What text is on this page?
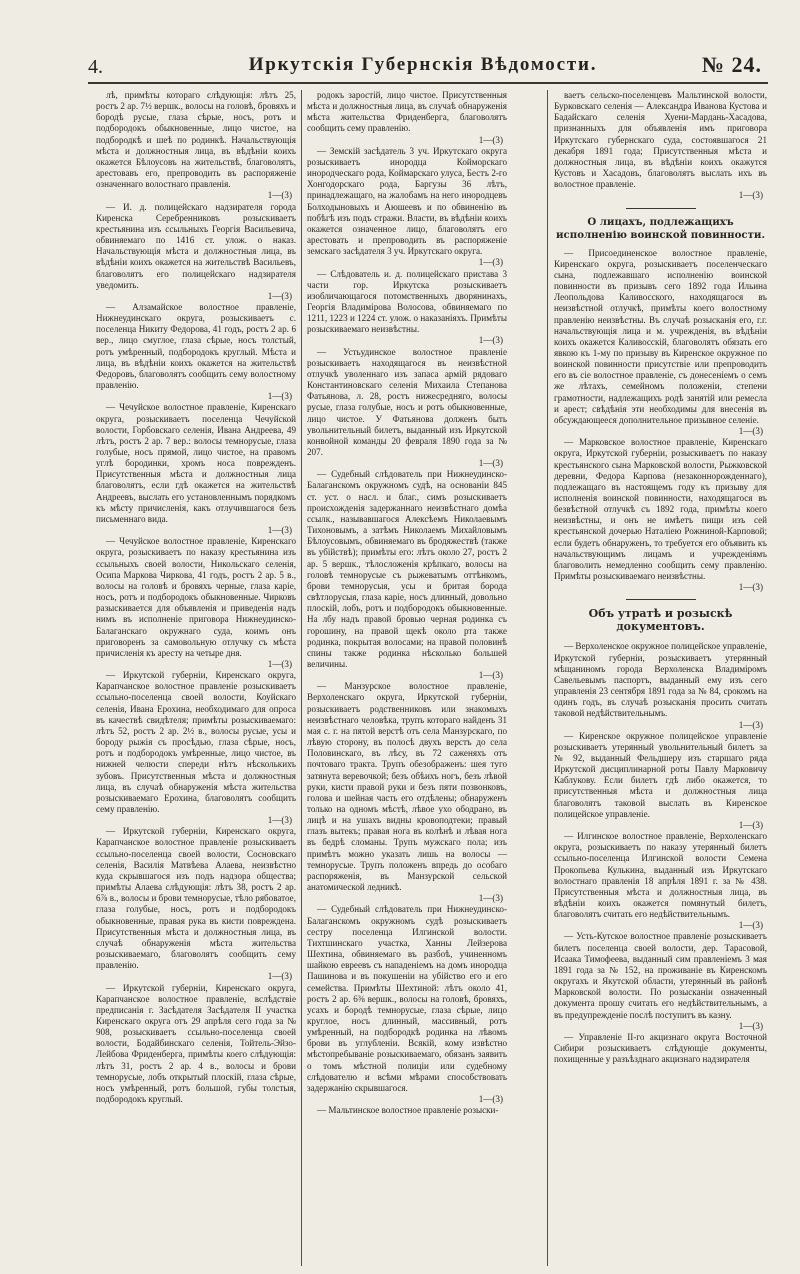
4.	Иркутскія Губернскія Вѣдомости.	№ 24.

лѣ, примѣты котораго слѣдующія: лѣтъ 25, ростъ 2 ар. 7½ вершк., волосы на головѣ, бровяхъ и бородѣ русые, глаза сѣрые, носъ, ротъ и подбородокъ обыкновенные, лицо чистое, на подбородкѣ и шеѣ по родинкѣ. Начальствующія мѣста и должностныя лица, въ вѣдѣніи коихъ окажется Бѣлоусовъ на жительствѣ, благоволятъ, арестовавъ его, препроводить въ распоряженіе означеннаго волостнаго правленія.

1—(3)

— И. д. полицейскаго надзирателя города Киренска Серебренниковъ розыскиваетъ крестьянина изъ ссыльныхъ Георгія Васильевича, обвиняемаго по 1416 ст. улож. о наказ. Начальствующія мѣста и должностныя лица, въ вѣдѣніи коихъ окажется на жительствѣ Васильевъ, благоволятъ его полицейскаго надзирателя уведомить.

1—(3)

— Алзамайское волостное правленіе, Нижнеудинскаго округа, розыскиваетъ с. поселенца Никиту Федорова, 41 годъ, ростъ 2 ар. 6 вер., лицо смуглое, глаза сѣрые, носъ толстый, ротъ умѣренный, подбородокъ круглый. Мѣста и лица, въ вѣдѣніи коихъ окажется на жительствѣ Федоровъ, благоволятъ сообщить сему волостному правленію.

1—(3)

— Чечуйское волостное правленіе, Киренскаго округа, розыскиваетъ поселенца Чечуйской волости, Горбовскаго селенія, Ивана Андреева, 49 лѣтъ, ростъ 2 ар. 7 вер.: волосы темнорусые, глаза голубые, носъ прямой, лицо чистое, на правомъ углѣ бородинки, хромъ носа поврежденъ. Присутственныя мѣста и должностныя лица благоволятъ, если гдѣ окажется на жительствѣ Андреевъ, выслать его установленнымъ порядкомъ къ мѣсту причисленія, какъ отлучившагося безъ письменнаго вида.

1—(3)

— Чечуйское волостное правленіе, Киренскаго округа, розыскиваетъ по наказу крестьянина изъ ссыльныхъ своей волости, Никольскаго селенія, Осипа Маркова Чиркова, 41 годъ, ростъ 2 ар. 5 в., волосы на головѣ и бровяхъ черные, глаза каріе, носъ, ротъ и подбородокъ обыкновенные. Чирковъ разыскивается для объявленія и приведенія надъ нимъ въ исполненіе приговора Нижнеудинско-Балаганскаго окружнаго суда, коимъ онъ приговоренъ за самовольную отлучку съ мѣста причисленія къ аресту на четыре дня.

1—(3)

— Иркутской губерніи, Киренскаго округа, Карапчанское волостное правленіе розыскиваетъ ссыльно-поселенца своей волости, Коуйскаго селенія, Ивана Ерохина, необходимаго для опроса въ качествѣ свидѣтеля; примѣты розыскиваемаго: лѣтъ 52, ростъ 2 ар. 2½ в., волосы русые, усы и бороду рыжія съ просѣдью, глаза сѣрые, носъ, ротъ и подбородокъ умѣренные, лицо чистое, въ нижней челюсти спереди нѣтъ нѣсколькихъ зубовъ. Присутственныя мѣста и должностныя лица, въ случаѣ обнаруженія мѣста жительства розыскиваемаго Ерохина, благоволятъ сообщить сему правленію.

1—(3)

— Иркутской губерніи, Киренскаго округа, Карапчанское волостное правленіе розыскиваетъ ссыльно-поселенца своей волости, Сосновскаго селенія, Василія Матвѣева Алаева, неизвѣстно куда скрывшагося изъ подъ надзора общества; примѣты Алаева слѣдующія: лѣтъ 38, ростъ 2 ар. 6⅞ в., волосы и брови темнорусые, тѣло рябоватое, глаза голубые, носъ, ротъ и подбородокъ обыкновенные, правая рука въ кисти повреждена. Присутственныя мѣста и должностныя лица, въ случаѣ обнаруженія мѣста жительства розыскиваемаго, благоволятъ сообщить сему правленію.

1—(3)

— Иркутской губерніи, Киренскаго округа, Карапчанское волостное правленіе, вслѣдствіе предписанія г. Засѣдателя Засѣдателя II участка Киренскаго округа отъ 29 апрѣля сего года за № 908, розыскиваетъ ссыльно-поселенца своей волости, Бодайбинскаго селенія, Тойтель-Эйзо-Лейбова Фриденберга, примѣты коего слѣдующія: лѣтъ 31, ростъ 2 ар. 4 в., волосы и брови темнорусые, лобъ открытый плоскій, глаза сѣрые, носъ умѣренный, ротъ большой, губы толстыя, подбородокъ круглый.

родокъ заростій, лицо чистое. Присутственныя мѣста и должностныя лица, въ случаѣ обнаруженія мѣста жительства Фриденберга, благоволятъ сообщить сему правленію.

1—(3)

— Земскій засѣдатель 3 уч. Иркутскаго округа розыскиваетъ инородца Койморскаго инородческаго рода, Коймарскаго улуса, Бестъ 2-го Хонгодорскаго рода, Баргузы 36 лѣтъ, принадлежащаго, на жалобамъ на него инородцевъ Болходыновыхъ и Аюшеевъ и по обвиненію въ побѣгѣ изъ подъ стражи. Власти, въ вѣдѣніи коихъ окажется означенное лицо, благоволятъ его арестовать и препроводить въ распоряженіе земскаго засѣдателя 3 уч. Иркутскаго округа.

1—(3)

— Слѣдователь и. д. полицейскаго пристава 3 части гор. Иркутска розыскиваетъ изобличающагося потомственныхъ дворянинахъ, Георгія Владимірова Волосова, обвиняемаго по 1211, 1223 и 1224 ст. улож. о наказаніяхъ. Примѣты розыскиваемаго неизвѣстны.

1—(3)

— Устьудинское волостное правленіе розыскиваетъ находящагося въ неизвѣстной отлучкѣ уволеннаго изъ запаса армій рядоваго Константиновскаго селенія Михаила Степанова Фатьянова, л. 28, ростъ нижесредняго, волосы русые, глаза голубые, носъ и ротъ обыкновенные, лицо чистое. У Фатьянова долженъ быть увольнительный билетъ, выданный изъ Иркутской конвойной команды 20 февраля 1890 года за № 207.

1—(3)

— Судебный слѣдователь при Нижнеудинско-Балаганскомъ окружномъ судѣ, на основаніи 845 ст. уст. о насл. и благ., симъ розыскиваетъ происхожденія задержаннаго неизвѣстнаго домѣа ссылк., называвшагося Алексѣемъ Николаевымъ Тихоновымъ, а затѣмъ Николаемъ Михайловымъ Бѣлоусовымъ, обвиняемаго въ бродяжествѣ (также въ убійствѣ); примѣты его: лѣтъ около 27, ростъ 2 ар. 5 вершк., тѣлосложенія крѣпкаго, волосы на головѣ темнорусые съ рыжеватымъ оттѣнкомъ, брови темнорусыя, усы и бритая борода свѣтлорусыя, глаза каріе, носъ длинный, довольно плоскій, лобъ, ротъ и подбородокъ обыкновенные. На лбу надъ правой бровью черная родинка съ горошину, на правой щекѣ около рта также родинка, покрытая волосами; на правой половинѣ спины также родинка нѣсколько большей величины.

1—(3)

— Манзурское волостное правленіе, Верхоленскаго округа, Иркутской губерніи, розыскиваетъ родственниковъ или знакомыхъ неизвѣстнаго человѣка, трупъ котораго найденъ 31 мая с. г. на пятой верстѣ отъ села Манзурскаго, по лѣвую сторону, въ полосѣ двухъ верстъ до села Половинскаго, въ лѣсу, въ 72 саженяхъ отъ почтоваго тракта. Трупъ обезображенъ: шея туго затянута веревочкой; безъ обѣихъ ногъ, безъ лѣвой руки, кисти правой руки и безъ пяти позвонковъ, голова и шейная часть его отдѣлены; обнаруженъ только на одномъ мѣстѣ, лѣвое ухо ободрано, въ лицѣ и на ушахъ видны кровоподтеки; правый глазъ вытекъ; правая нога въ колѣнѣ и лѣвая нога въ бедрѣ сломаны. Трупъ мужскаго пола; изъ примѣтъ можно указать лишь на волосы — темнорусые. Трупъ положенъ впредь до особаго распоряженія, въ Манзурской сельской анатомической ледникѣ.

1—(3)

— Судебный слѣдователь при Нижнеудинско-Балаганскомъ окружномъ судѣ розыскиваетъ сестру поселенца Илгинской волости. Тихтшинскаго участка, Ханны Лейзерова Шехтина, обвиняемаго въ разбоѣ, учиненномъ шайкою евреевъ съ нападеніемъ на домъ инородца Пашинова и въ покушеніи на убійство его и его семейства. Примѣты Шехтиной: лѣтъ около 41, ростъ 2 ар. 6⅜ вершк., волосы на головѣ, бровяхъ, усахъ и бородѣ темнорусые, глаза сѣрые, лицо круглое, носъ длинный, массивный, ротъ умѣренный, на подбородкѣ родинка на лѣвомъ брови въ углубленіи. Всякій, кому извѣстно мѣстопребываніе розыскиваемаго, обязанъ заявить о томъ мѣстной полиціи или судебному слѣдователю и всѣми мѣрами способствовать задержанію скрывшагося.

1—(3)

— Мальтинское волостное правленіе розыски-

ваетъ сельско-поселенцевъ Мальтинской волости, Бурковскаго селенія — Александра Иванова Кустова и Бадайскаго селенія Хуени-Мардань-Хасадова, признанныхъ для объявленія имъ приговора Иркутскаго губернскаго суда, состоявшагося 21 декабря 1891 года; Присутственныя мѣста и должностныя лица, въ вѣдѣніи коихъ окажутся Кустовъ и Хасадовъ, благоволятъ выслать ихъ въ волостное правленіе.

1—(3)

О лицахъ, подлежащихъ исполненію воинской повинности.

— Присоединенское волостное правленіе, Киренскаго округа, розыскиваетъ поселенческаго сына, подлежавшаго исполненію воинской повинности въ призывъ сего 1892 года Ильина Леопольдова Каливосского, находящагося въ неизвѣстной отлучкѣ, примѣты коего волостному правленію неизвѣстны. Въ случаѣ розысканія его, г.г. начальствующія лица и м. учрежденія, въ вѣдѣніи коихъ окажется Каливосскій, благоволятъ обязать его явкою къ 1-му по призыву въ Киренское окружное по воинской повинности присутствіе или препроводить его въ сіе волостное правленіе, съ донесеніемъ о семъ же лѣтахъ, семейномъ положеніи, степени грамотности, надлежащихъ родѣ занятій или ремесла и арест; свѣдѣнія эти необходимы для внесенія въ обсуждающееся дополнительное призывное селеніе.

1—(3)

— Марковское волостное правленіе, Киренскаго округа, Иркутской губерніи, розыскиваетъ по наказу крестьянского сына Марковской волости, Рыжковской деревни, Федора Карпова (незаконнорожденнаго), подлежащаго въ настоящемъ году къ призыву для исполненія воинской повинности, находящагося въ безвѣстной отлучкѣ съ 1892 года, примѣты коего неизвѣстны, и онъ не имѣетъ пищи изъ сей крестьянской дочерью Наталіею Рожниной-Карповой; если будетъ обнаруженъ, то требуется его объявить къ начальствующимъ лицамъ и учрежденіямъ благоволить немедленно сообщить сему правленію. Примѣты розыскиваемаго неизвѣстны.

1—(3)

Объ утратѣ и розыскѣ документовъ.

— Верхоленское окружное полицейское управленіе, Иркутской губерніи, розыскиваетъ утерянный мѣщаниномъ города Верхоленска Владиміромъ Савельевымъ паспортъ, выданный ему изъ сего управленія 23 сентября 1891 года за № 84, срокомъ на одинъ годъ, въ случаѣ розысканія просить считать таковой недѣйствительнымъ.

1—(3)

— Киренское окружное полицейское управленіе розыскиваетъ утерянный увольнительный билетъ за № 92, выданный Фельдшеру изъ старшаго ряда Иркутской дисциплинарной роты Павлу Марковичу Каблукову. Если билетъ гдѣ либо окажется, то присутственныя мѣста и должностныя лица благоволятъ таковой выслать въ Киренское полицейское управленіе.

1—(3)

— Илгинское волостное правленіе, Верхоленскаго округа, розыскиваетъ по наказу утерянный билетъ ссыльно-поселенца Илгинской волости Семена Прокопьева Кулькина, выданный изъ Иркутскаго волостнаго правленія 18 апрѣля 1891 г. за № 438. Присутственныя мѣста и должностныя лица, въ вѣдѣніи коихъ окажется помянутый билетъ, благоволятъ считать его недѣйствительнымъ.

1—(3)

— Усть-Кутское волостное правленіе розыскиваетъ билетъ поселенца своей волости, дер. Тарасовой, Исаака Тимофеева, выданный сим правленіемъ 3 мая 1891 года за № 152, на проживаніе въ Киренскомъ округахъ и Якутской области, утерянный въ районѣ Марковской волости. По розысканіи означенный документа прошу считать его недѣйствительнымъ, а въ предупрежденіе послѣ поступитъ въ казну.

1—(3)

— Управленіе II-го акцизнаго округа Восточной Сибири розыскиваетъ слѣдующіе документы, похищенные у разъѣзднаго акцизнаго надзирателя
